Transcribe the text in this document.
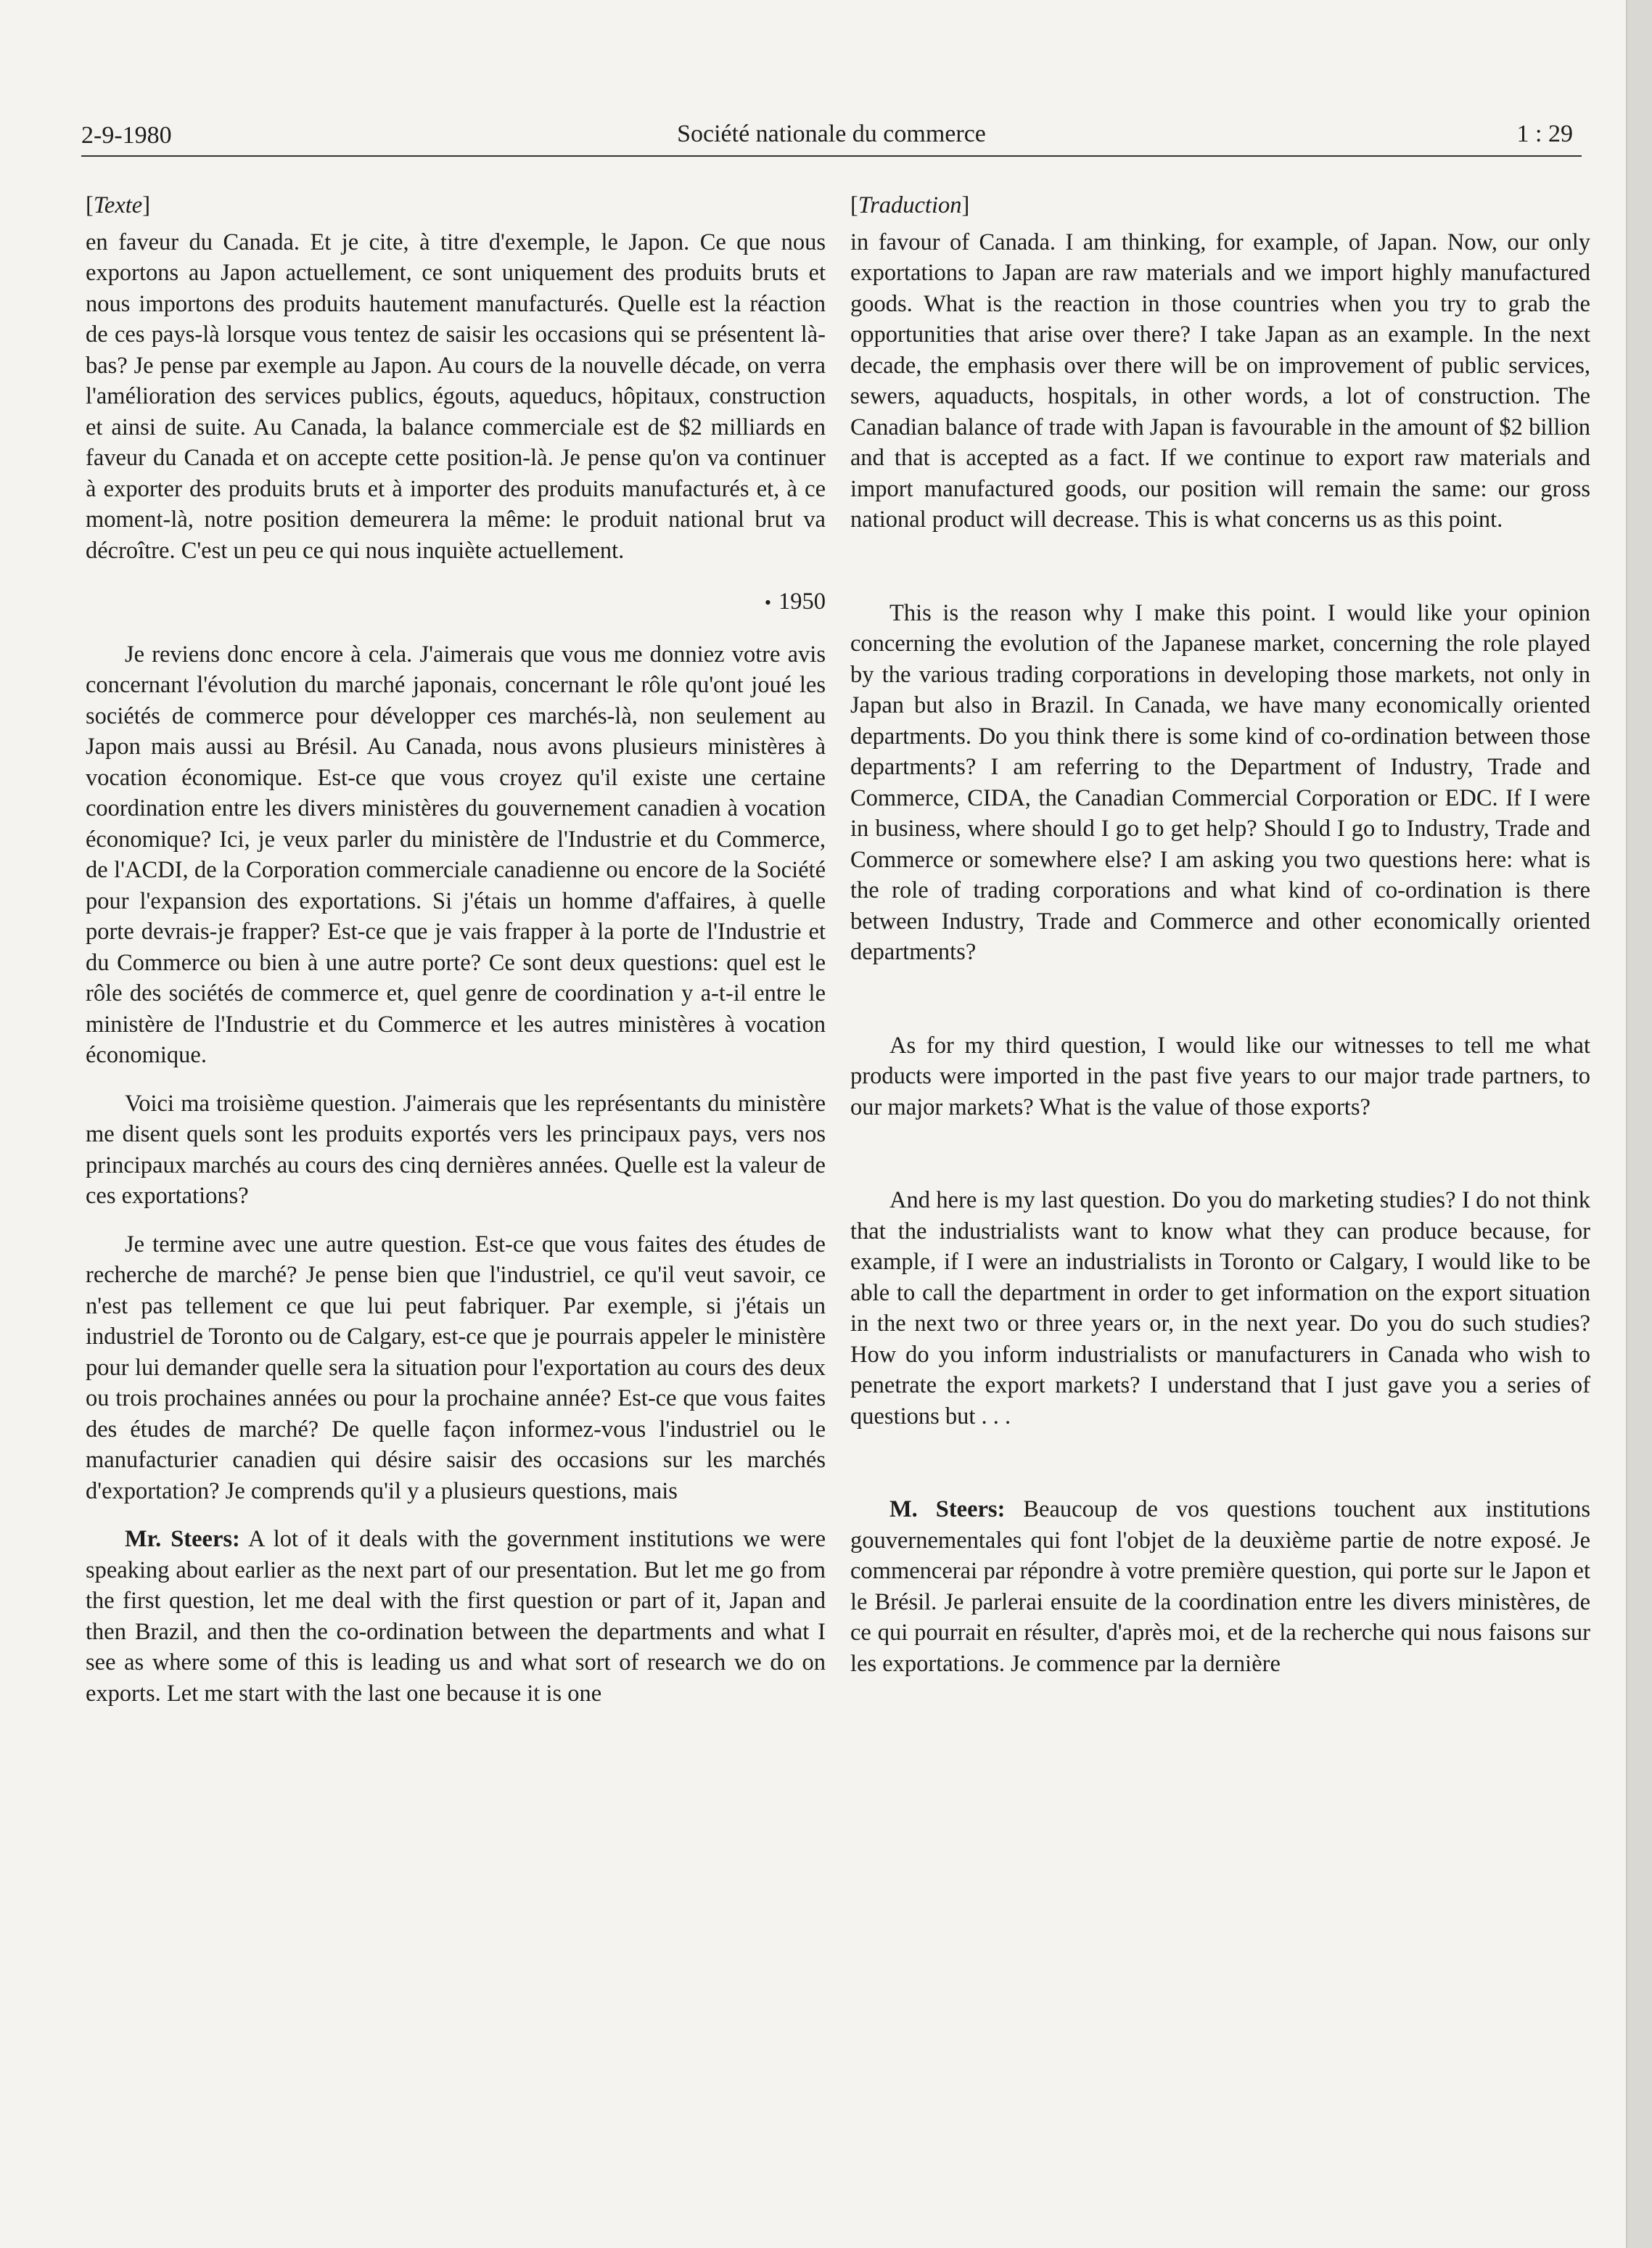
2-9-1980	Société nationale du commerce	1 : 29

[ Texte ]

en faveur du Canada. Et je cite, à titre d'exemple, le Japon. Ce que nous exportons au Japon actuellement, ce sont uniquement des produits bruts et nous importons des produits hautement manufacturés. Quelle est la réaction de ces pays-là lorsque vous tentez de saisir les occasions qui se présentent là-bas? Je pense par exemple au Japon. Au cours de la nouvelle décade, on verra l'amélioration des services publics, égouts, aqueducs, hôpitaux, construction et ainsi de suite. Au Canada, la balance commerciale est de $2 milliards en faveur du Canada et on accepte cette position-là. Je pense qu'on va continuer à exporter des produits bruts et à importer des produits manufacturés et, à ce moment-là, notre position demeurera la même: le produit national brut va décroître. C'est un peu ce qui nous inquiète actuellement.

• 1950

Je reviens donc encore à cela. J'aimerais que vous me donniez votre avis concernant l'évolution du marché japonais, concernant le rôle qu'ont joué les sociétés de commerce pour développer ces marchés-là, non seulement au Japon mais aussi au Brésil. Au Canada, nous avons plusieurs ministères à vocation économique. Est-ce que vous croyez qu'il existe une certaine coordination entre les divers ministères du gouvernement canadien à vocation économique? Ici, je veux parler du ministère de l'Industrie et du Commerce, de l'ACDI, de la Corporation commerciale canadienne ou encore de la Société pour l'expansion des exportations. Si j'étais un homme d'affaires, à quelle porte devrais-je frapper? Est-ce que je vais frapper à la porte de l'Industrie et du Commerce ou bien à une autre porte? Ce sont deux questions: quel est le rôle des sociétés de commerce et, quel genre de coordination y a-t-il entre le ministère de l'Industrie et du Commerce et les autres ministères à vocation économique.

Voici ma troisième question. J'aimerais que les représentants du ministère me disent quels sont les produits exportés vers les principaux pays, vers nos principaux marchés au cours des cinq dernières années. Quelle est la valeur de ces exportations?

Je termine avec une autre question. Est-ce que vous faites des études de recherche de marché? Je pense bien que l'industriel, ce qu'il veut savoir, ce n'est pas tellement ce que lui peut fabriquer. Par exemple, si j'étais un industriel de Toronto ou de Calgary, est-ce que je pourrais appeler le ministère pour lui demander quelle sera la situation pour l'exportation au cours des deux ou trois prochaines années ou pour la prochaine année? Est-ce que vous faites des études de marché? De quelle façon informez-vous l'industriel ou le manufacturier canadien qui désire saisir des occasions sur les marchés d'exportation? Je comprends qu'il y a plusieurs questions, mais

Mr. Steers: A lot of it deals with the government institutions we were speaking about earlier as the next part of our presentation. But let me go from the first question, let me deal with the first question or part of it, Japan and then Brazil, and then the co-ordination between the departments and what I see as where some of this is leading us and what sort of research we do on exports. Let me start with the last one because it is one

[ Traduction ]

in favour of Canada. I am thinking, for example, of Japan. Now, our only exportations to Japan are raw materials and we import highly manufactured goods. What is the reaction in those countries when you try to grab the opportunities that arise over there? I take Japan as an example. In the next decade, the emphasis over there will be on improvement of public services, sewers, aquaducts, hospitals, in other words, a lot of construction. The Canadian balance of trade with Japan is favourable in the amount of $2 billion and that is accepted as a fact. If we continue to export raw materials and import manufactured goods, our position will remain the same: our gross national product will decrease. This is what concerns us as this point.

This is the reason why I make this point. I would like your opinion concerning the evolution of the Japanese market, concerning the role played by the various trading corporations in developing those markets, not only in Japan but also in Brazil. In Canada, we have many economically oriented departments. Do you think there is some kind of co-ordination between those departments? I am referring to the Department of Industry, Trade and Commerce, CIDA, the Canadian Commercial Corporation or EDC. If I were in business, where should I go to get help? Should I go to Industry, Trade and Commerce or somewhere else? I am asking you two questions here: what is the role of trading corporations and what kind of co-ordination is there between Industry, Trade and Commerce and other economically oriented departments?

As for my third question, I would like our witnesses to tell me what products were imported in the past five years to our major trade partners, to our major markets? What is the value of those exports?

And here is my last question. Do you do marketing studies? I do not think that the industrialists want to know what they can produce because, for example, if I were an industrialists in Toronto or Calgary, I would like to be able to call the department in order to get information on the export situation in the next two or three years or, in the next year. Do you do such studies? How do you inform industrialists or manufacturers in Canada who wish to penetrate the export markets? I understand that I just gave you a series of questions but . . .

M. Steers: Beaucoup de vos questions touchent aux institutions gouvernementales qui font l'objet de la deuxième partie de notre exposé. Je commencerai par répondre à votre première question, qui porte sur le Japon et le Brésil. Je parlerai ensuite de la coordination entre les divers ministères, de ce qui pourrait en résulter, d'après moi, et de la recherche qui nous faisons sur les exportations. Je commence par la dernière
